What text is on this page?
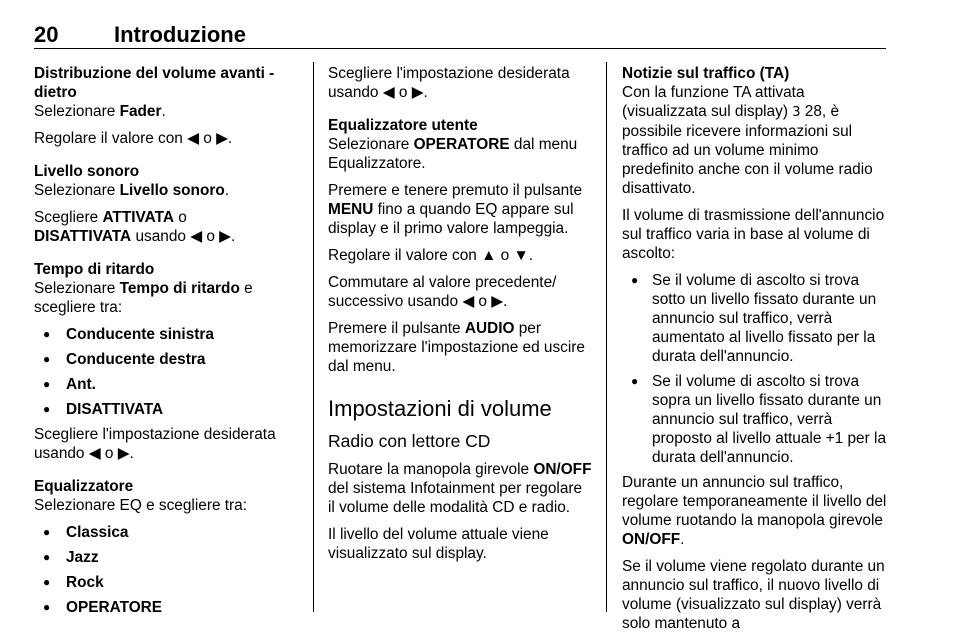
20	Introduzione
Distribuzione del volume avanti - dietro

Selezionare Fader.

Regolare il valore con ◀ o ▶.

Livello sonoro

Selezionare Livello sonoro.

Scegliere ATTIVATA o
DISATTIVATA usando ◀ o ▶.

Tempo di ritardo

Selezionare Tempo di ritardo e scegliere tra:

● Conducente sinistra
● Conducente destra
● Ant.
● DISATTIVATA

Scegliere l'impostazione desiderata usando ◀ o ▶.

Equalizzatore

Selezionare EQ e scegliere tra:

● Classica
● Jazz
● Rock
● OPERATORE

Scegliere l'impostazione desiderata usando ◀ o ▶.

Equalizzatore utente

Selezionare OPERATORE dal menu Equalizzatore.

Premere e tenere premuto il pulsante MENU fino a quando EQ appare sul display e il primo valore lampeggia.

Regolare il valore con ▲ o ▼.

Commutare al valore precedente/ successivo usando ◀ o ▶.

Premere il pulsante AUDIO per memorizzare l'impostazione ed uscire dal menu.

Impostazioni di volume
Radio con lettore CD

Ruotare la manopola girevole ON/OFF del sistema Infotainment per regolare il volume delle modalità CD e radio.

Il livello del volume attuale viene visualizzato sul display.

Notizie sul traffico (TA)

Con la funzione TA attivata (visualizzata sul display) 3 28, è possibile ricevere informazioni sul traffico ad un volume minimo predefinito anche con il volume radio disattivato.

Il volume di trasmissione dell'annuncio sul traffico varia in base al volume di ascolto:

● Se il volume di ascolto si trova sotto un livello fissato durante un annuncio sul traffico, verrà aumentato al livello fissato per la durata dell'annuncio.
● Se il volume di ascolto si trova sopra un livello fissato durante un annuncio sul traffico, verrà proposto al livello attuale +1 per la durata dell'annuncio.

Durante un annuncio sul traffico, regolare temporaneamente il livello del volume ruotando la manopola girevole ON/OFF.

Se il volume viene regolato durante un annuncio sul traffico, il nuovo livello di volume (visualizzato sul display) verrà solo mantenuto a
